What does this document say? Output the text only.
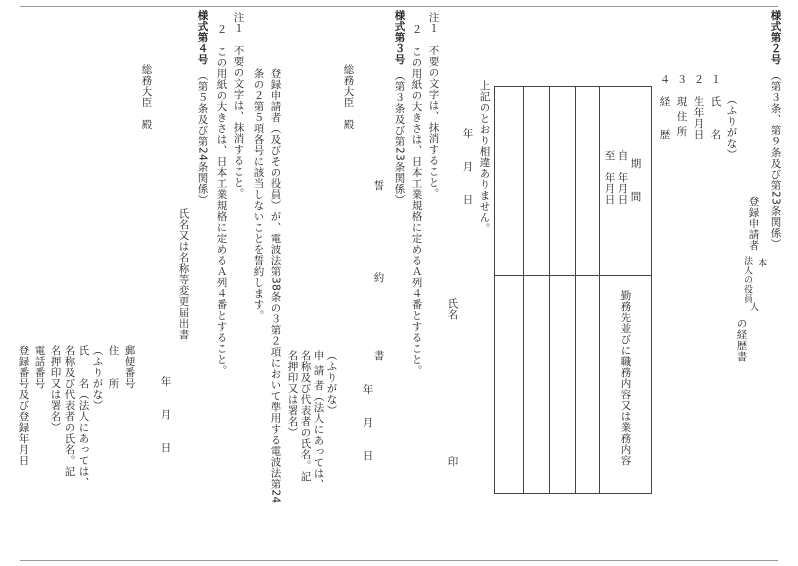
様式第２号
（第３条、第９条及び第23条関係）
登録申請者
本
法人の役員
人
の経歴書
（ふりがな）
１
氏　　名
２
生年月日
３
現 住 所
４
経　　歴
期　　間
自　年月日
至　年月日
勤務先並びに職務内容又は業務内容
上記のとおり相違ありません。
年　　月　　日
氏名
印
注１　不要の文字は、抹消すること。
２　この用紙の大きさは、日本工業規格に定めるＡ列４番とすること。
様式第３号
（第３条及び第23条関係）
誓
約
書
年　　月　　日
総務大臣　殿
（ふりがな）
申 請 者（法人にあっては、
名称及び代表者の氏名。記
名押印又は署名）
登録申請者（及びその役員）が、電波法第38条の３第２項において準用する電波法第24
条の２第５項各号に該当しないことを誓約します。
注１　不要の文字は、抹消すること。
２　この用紙の大きさは、日本工業規格に定めるＡ列４番とすること。
様式第４号
（第５条及び第24条関係）
氏名又は名称等変更届出書
年　　月　　日
総務大臣　殿
郵便番号
住　　所
（ふりがな）
氏　　名（法人にあっては、
名称及び代表者の氏名。記
名押印又は署名）
電話番号
登録番号及び登録年月日
